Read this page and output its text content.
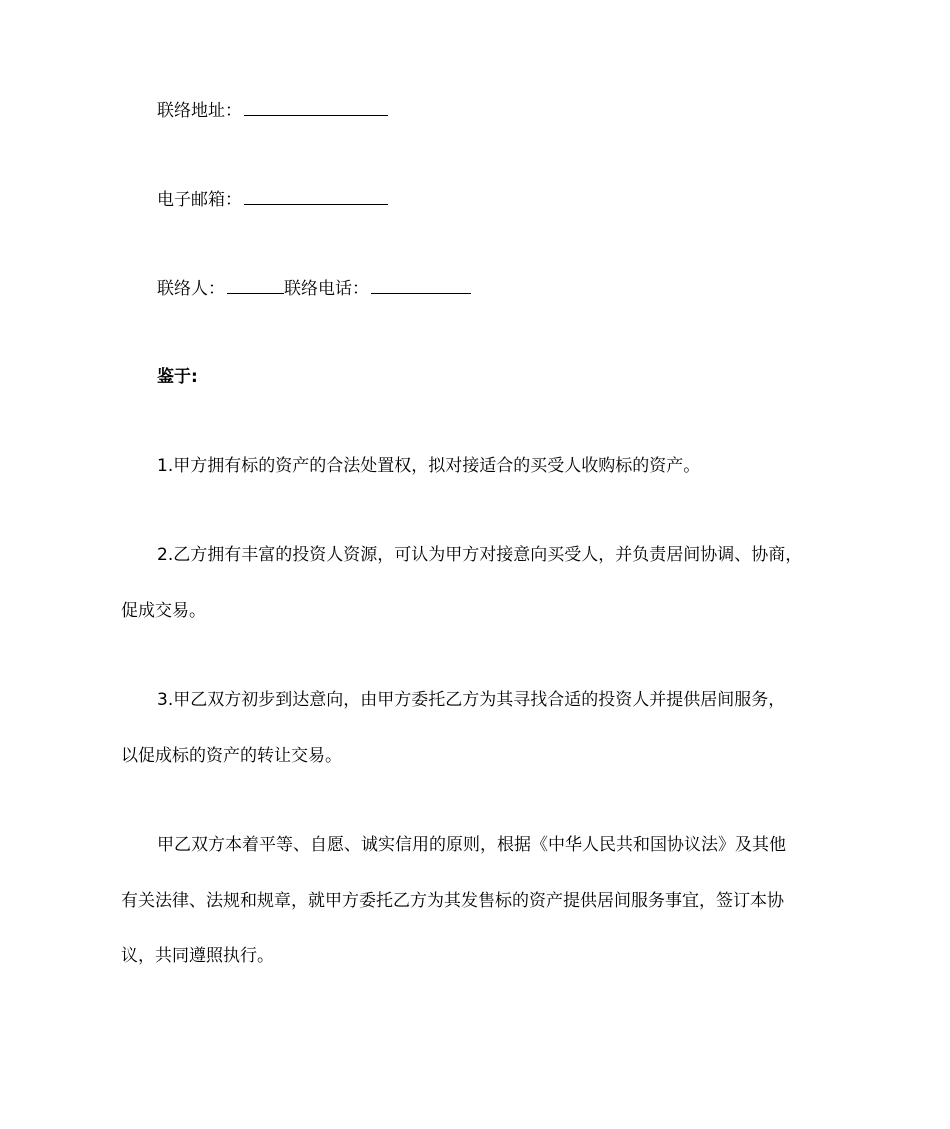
联络地址：
电子邮箱：
联络人：	联络电话：
鉴于:
1.甲方拥有标的资产的合法处置权，拟对接适合的买受人收购标的资产。
2.乙方拥有丰富的投资人资源，可认为甲方对接意向买受人，并负责居间协调、协商，
促成交易。
3.甲乙双方初步到达意向，由甲方委托乙方为其寻找合适的投资人并提供居间服务，
以促成标的资产的转让交易。
甲乙双方本着平等、自愿、诚实信用的原则，根据《中华人民共和国协议法》及其他
有关法律、法规和规章，就甲方委托乙方为其发售标的资产提供居间服务事宜，签订本协
议，共同遵照执行。
